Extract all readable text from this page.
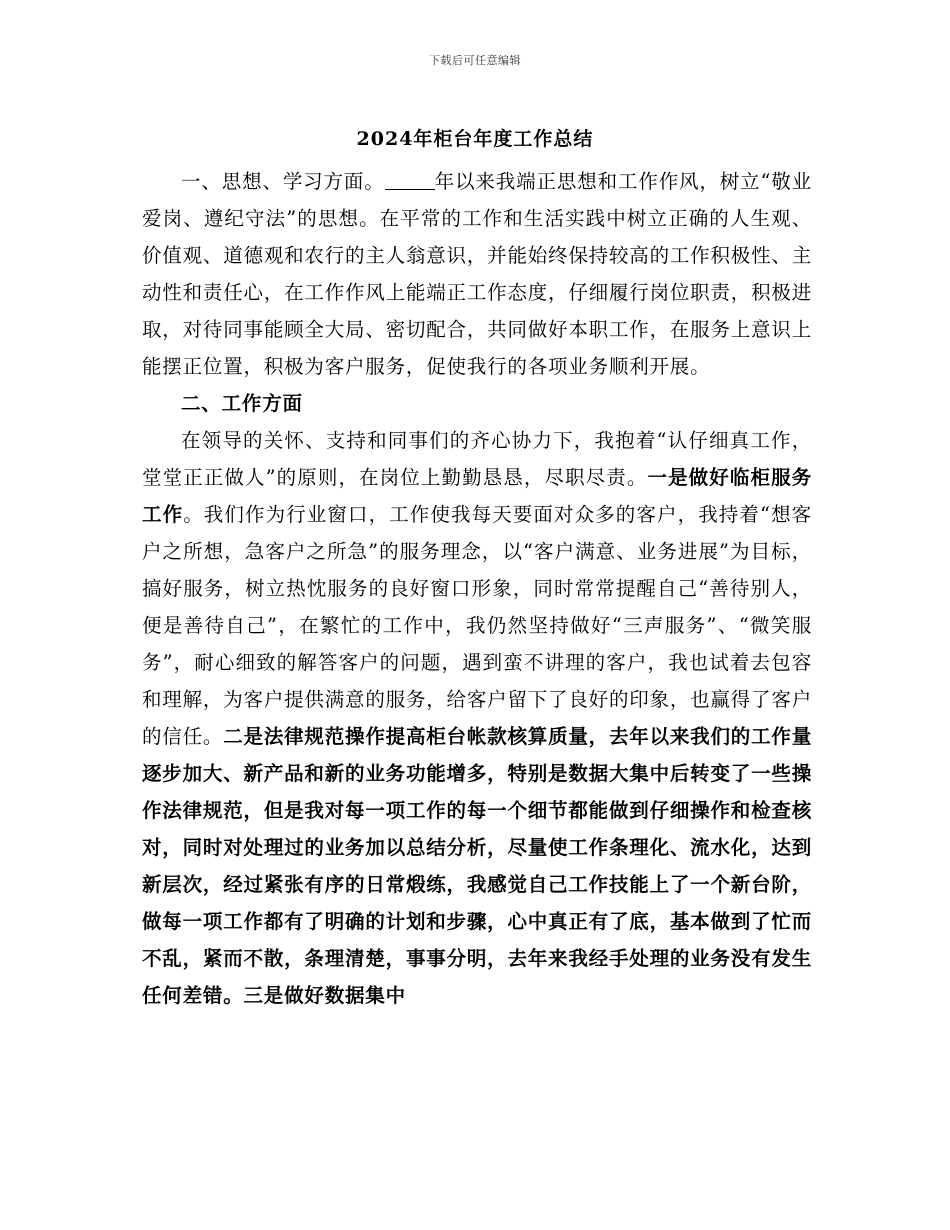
下载后可任意编辑
2024年柜台年度工作总结

一、思想、学习方面。	年以来我端正思想和工作作风，树立“敬业爱岗、遵纪守法”的思想。在平常的工作和生活实践中树立正确的人生观、价值观、道德观和农行的主人翁意识，并能始终保持较高的工作积极性、主动性和责任心，在工作作风上能端正工作态度，仔细履行岗位职责，积极进取，对待同事能顾全大局、密切配合，共同做好本职工作，在服务上意识上能摆正位置，积极为客户服务，促使我行的各项业务顺利开展。

二、工作方面

在领导的关怀、支持和同事们的齐心协力下，我抱着“认仔细真工作，堂堂正正做人”的原则，在岗位上勤勤恳恳，尽职尽责。一是做好临柜服务工作。我们作为行业窗口，工作使我每天要面对众多的客户，我持着“想客户之所想，急客户之所急”的服务理念，以“客户满意、业务进展”为目标，搞好服务，树立热忱服务的良好窗口形象，同时常常提醒自己“善待别人，便是善待自己”，在繁忙的工作中，我仍然坚持做好“三声服务”、“微笑服务”，耐心细致的解答客户的问题，遇到蛮不讲理的客户，我也试着去包容和理解，为客户提供满意的服务，给客户留下了良好的印象，也赢得了客户的信任。二是法律规范操作提高柜台帐款核算质量，去年以来我们的工作量逐步加大、新产品和新的业务功能增多，特别是数据大集中后转变了一些操作法律规范，但是我对每一项工作的每一个细节都能做到仔细操作和检查核对，同时对处理过的业务加以总结分析，尽量使工作条理化、流水化，达到新层次，经过紧张有序的日常煅练，我感觉自己工作技能上了一个新台阶，做每一项工作都有了明确的计划和步骤，心中真正有了底，基本做到了忙而不乱，紧而不散，条理清楚，事事分明，去年来我经手处理的业务没有发生任何差错。三是做好数据集中
